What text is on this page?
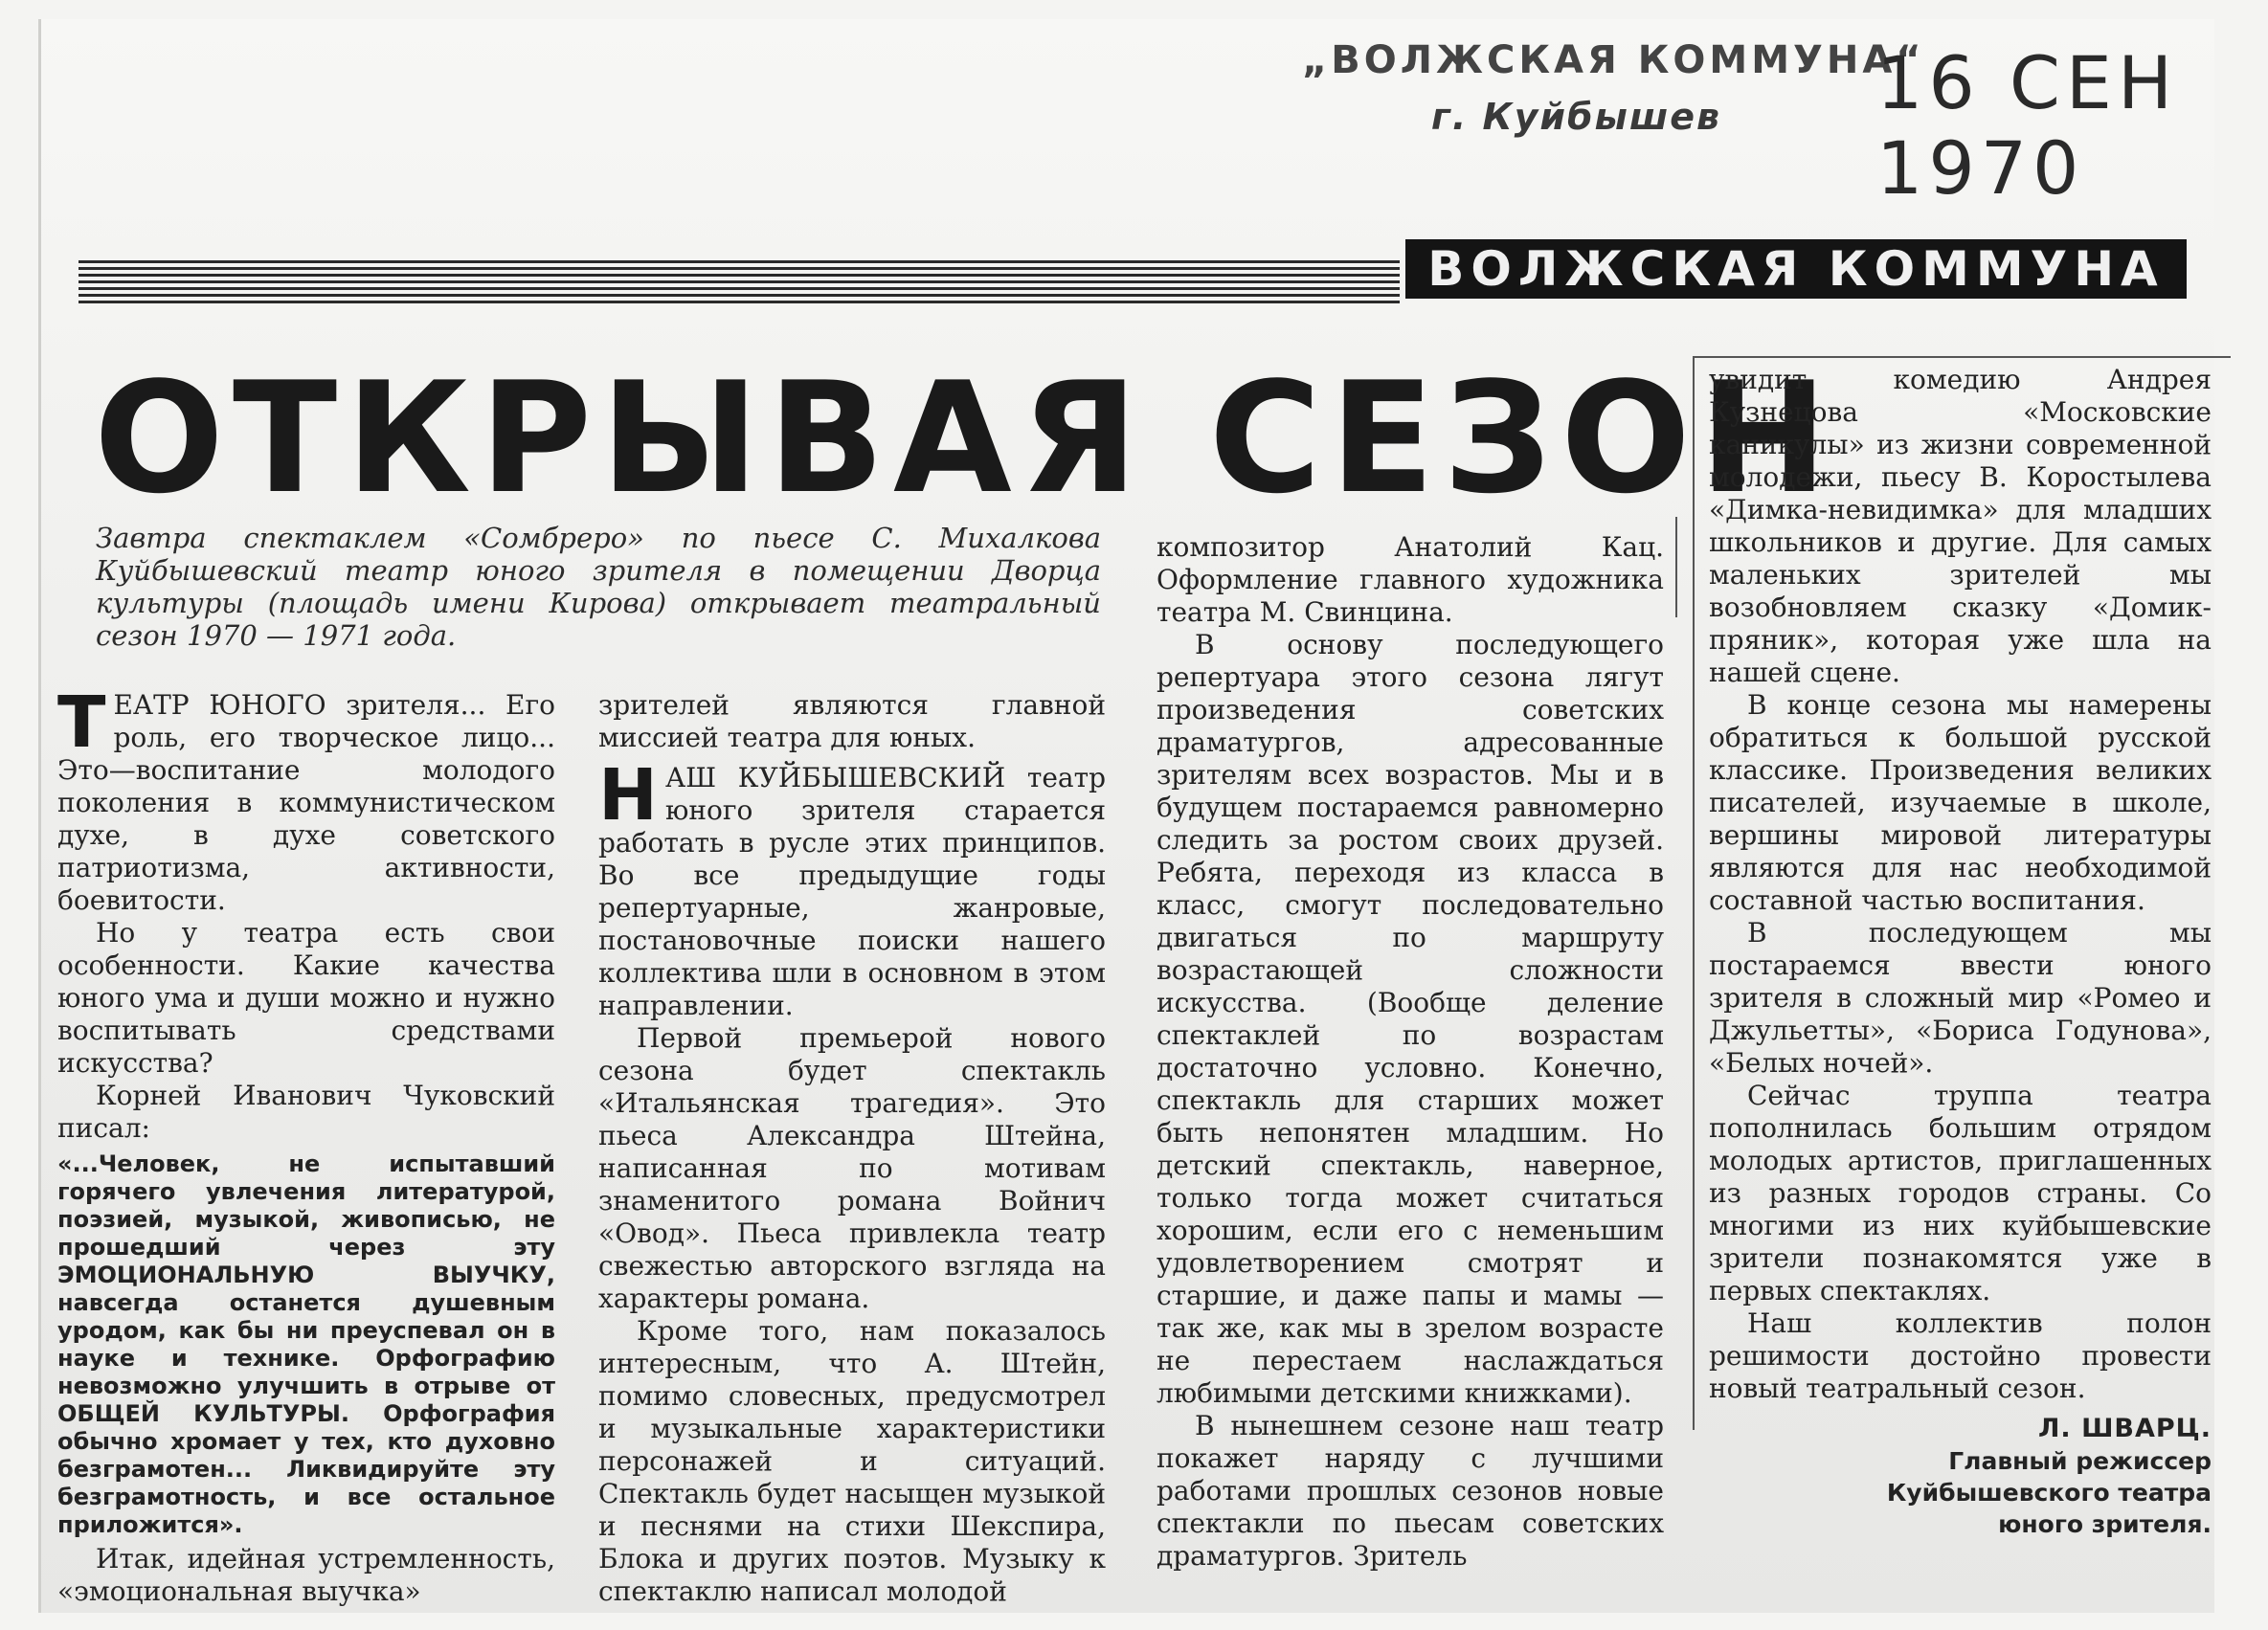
„ВОЛЖСКАЯ КОММУНА“
г. Куйбышев 16 СЕН 1970
ВОЛЖСКАЯ КОММУНА
ОТКРЫВАЯ СЕЗОН
Завтра спектаклем «Сомбреро» по пьесе С. Михалкова Куйбышевский театр юного зрителя в помещении Дворца культуры (площадь имени Кирова) открывает театральный сезон 1970 — 1971 года.

ТЕАТР ЮНОГО зрителя... Его роль, его творческое лицо... Это—воспитание молодого поколения в коммунистическом духе, в духе советского патриотизма, активности, боевитости.

Но у театра есть свои особенности. Какие качества юного ума и души можно и нужно воспитывать средствами искусства?

Корней Иванович Чуковский писал:

«...Человек, не испытавший горячего увлечения литературой, поэзией, музыкой, живописью, не прошедший через эту ЭМОЦИОНАЛЬНУЮ ВЫУЧКУ, навсегда останется душевным уродом, как бы ни преуспевал он в науке и технике. Орфографию невозможно улучшить в отрыве от ОБЩЕЙ КУЛЬТУРЫ. Орфография обычно хромает у тех, кто духовно безграмотен... Ликвидируйте эту безграмотность, и все остальное приложится».

Итак, идейная устремленность, «эмоциональная выучка»

зрителей являются главной миссией театра для юных.

НАШ КУЙБЫШЕВСКИЙ театр юного зрителя старается работать в русле этих принципов. Во все предыдущие годы репертуарные, жанровые, постановочные поиски нашего коллектива шли в основном в этом направлении.

Первой премьерой нового сезона будет спектакль «Итальянская трагедия». Это пьеса Александра Штейна, написанная по мотивам знаменитого романа Войнич «Овод». Пьеса привлекла театр свежестью авторского взгляда на характеры романа.

Кроме того, нам показалось интересным, что А. Штейн, помимо словесных, предусмотрел и музыкальные характеристики персонажей и ситуаций. Спектакль будет насыщен музыкой и песнями на стихи Шекспира, Блока и других поэтов. Музыку к спектаклю написал молодой

композитор Анатолий Кац. Оформление главного художника театра М. Свинцина.

В основу последующего репертуара этого сезона лягут произведения советских драматургов, адресованные зрителям всех возрастов. Мы и в будущем постараемся равномерно следить за ростом своих друзей. Ребята, переходя из класса в класс, смогут последовательно двигаться по маршруту возрастающей сложности искусства. (Вообще деление спектаклей по возрастам достаточно условно. Конечно, спектакль для старших может быть непонятен младшим. Но детский спектакль, наверное, только тогда может считаться хорошим, если его с неменьшим удовлетворением смотрят и старшие, и даже папы и мамы — так же, как мы в зрелом возрасте не перестаем наслаждаться любимыми детскими книжками).

В нынешнем сезоне наш театр покажет наряду с лучшими работами прошлых сезонов новые спектакли по пьесам советских драматургов. Зритель

увидит комедию Андрея Кузнецова «Московские каникулы» из жизни современной молодежи, пьесу В. Коростылева «Димка-невидимка» для младших школьников и другие. Для самых маленьких зрителей мы возобновляем сказку «Домик-пряник», которая уже шла на нашей сцене.

В конце сезона мы намерены обратиться к большой русской классике. Произведения великих писателей, изучаемые в школе, вершины мировой литературы являются для нас необходимой составной частью воспитания.

В последующем мы постараемся ввести юного зрителя в сложный мир «Ромео и Джульетты», «Бориса Годунова», «Белых ночей».

Сейчас труппа театра пополнилась большим отрядом молодых артистов, приглашенных из разных городов страны. Со многими из них куйбышевские зрители познакомятся уже в первых спектаклях.

Наш коллектив полон решимости достойно провести новый театральный сезон.

Л. ШВАРЦ.
Главный режиссер
Куйбышевского театра
юного зрителя.
